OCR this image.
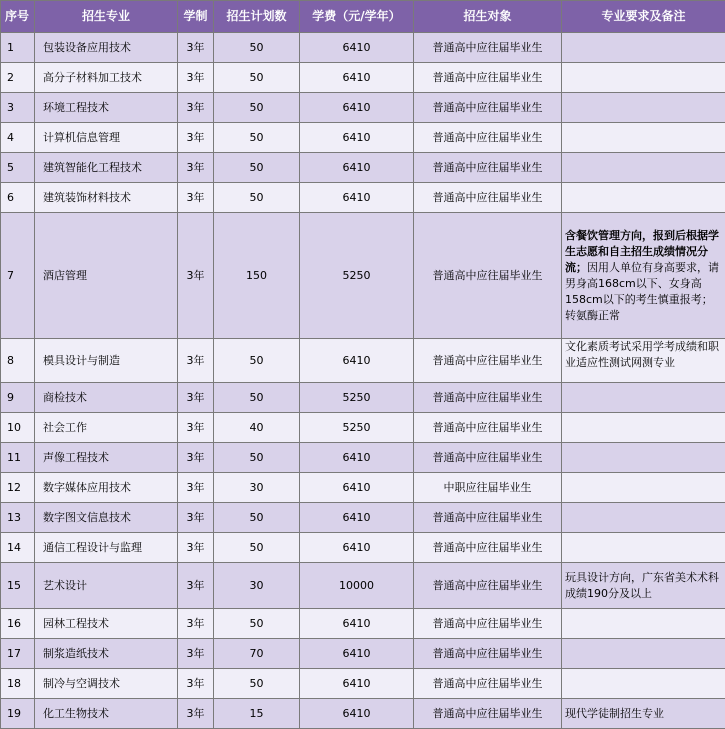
序号	招生专业	学制	招生计划数	学费（元/学年）	招生对象	专业要求及备注
1	包装设备应用技术	3年	50	6410	普通高中应往届毕业生	
2	高分子材料加工技术	3年	50	6410	普通高中应往届毕业生	
3	环境工程技术	3年	50	6410	普通高中应往届毕业生	
4	计算机信息管理	3年	50	6410	普通高中应往届毕业生	
5	建筑智能化工程技术	3年	50	6410	普通高中应往届毕业生	
6	建筑装饰材料技术	3年	50	6410	普通高中应往届毕业生	
7	酒店管理	3年	150	5250	普通高中应往届毕业生	含餐饮管理方向，报到后根据学生志愿和自主招生成绩情况分流；因用人单位有身高要求，请男身高168cm以下、女身高158cm以下的考生慎重报考；转氨酶正常
8	模具设计与制造	3年	50	6410	普通高中应往届毕业生	文化素质考试采用学考成绩和职业适应性测试网测专业
9	商检技术	3年	50	5250	普通高中应往届毕业生	
10	社会工作	3年	40	5250	普通高中应往届毕业生	
11	声像工程技术	3年	50	6410	普通高中应往届毕业生	
12	数字媒体应用技术	3年	30	6410	中职应往届毕业生	
13	数字图文信息技术	3年	50	6410	普通高中应往届毕业生	
14	通信工程设计与监理	3年	50	6410	普通高中应往届毕业生	
15	艺术设计	3年	30	10000	普通高中应往届毕业生	玩具设计方向，广东省美术术科成绩190分及以上
16	园林工程技术	3年	50	6410	普通高中应往届毕业生	
17	制浆造纸技术	3年	70	6410	普通高中应往届毕业生	
18	制冷与空调技术	3年	50	6410	普通高中应往届毕业生	
19	化工生物技术	3年	15	6410	普通高中应往届毕业生	现代学徒制招生专业
